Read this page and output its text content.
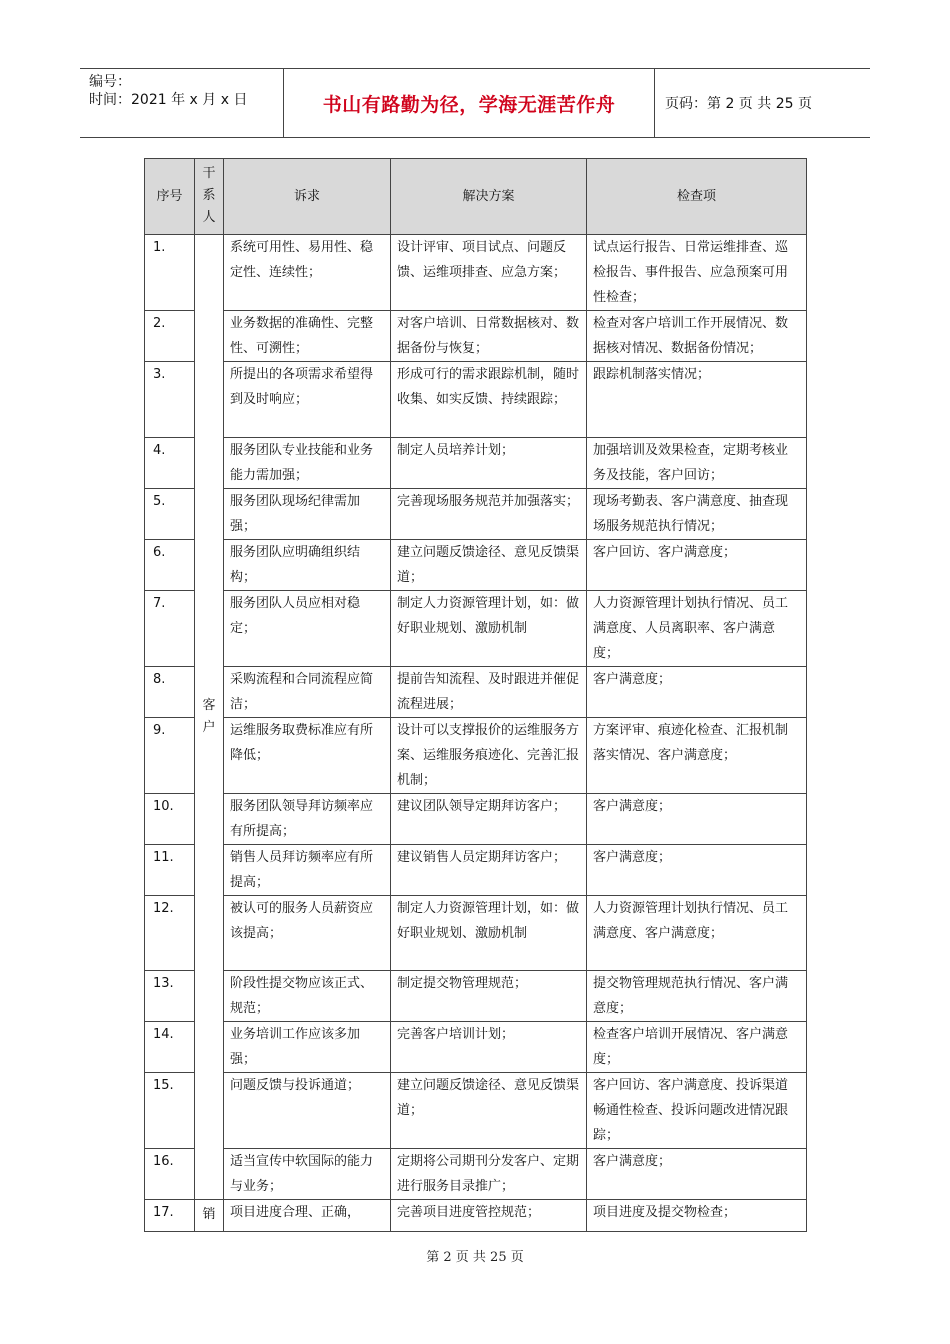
编号：
时间：2021 年 x 月 x 日	书山有路勤为径，学海无涯苦作舟	页码：第 2 页 共 25 页
序号	干系人	诉求	解决方案	检查项
1.	客户	系统可用性、易用性、稳定性、连续性；	设计评审、项目试点、问题反馈、运维项排查、应急方案；	试点运行报告、日常运维排查、巡检报告、事件报告、应急预案可用性检查；
2.		业务数据的准确性、完整性、可溯性；	对客户培训、日常数据核对、数据备份与恢复；	检查对客户培训工作开展情况、数据核对情况、数据备份情况；
3.		所提出的各项需求希望得到及时响应；	形成可行的需求跟踪机制，随时收集、如实反馈、持续跟踪；	跟踪机制落实情况；
4.		服务团队专业技能和业务能力需加强；	制定人员培养计划；	加强培训及效果检查，定期考核业务及技能，客户回访；
5.		服务团队现场纪律需加强；	完善现场服务规范并加强落实；	现场考勤表、客户满意度、抽查现场服务规范执行情况；
6.		服务团队应明确组织结构；	建立问题反馈途径、意见反馈渠道；	客户回访、客户满意度；
7.		服务团队人员应相对稳定；	制定人力资源管理计划，如：做好职业规划、激励机制	人力资源管理计划执行情况、员工满意度、人员离职率、客户满意度；
8.		采购流程和合同流程应简洁；	提前告知流程、及时跟进并催促流程进展；	客户满意度；
9.		运维服务取费标准应有所降低；	设计可以支撑报价的运维服务方案、运维服务痕迹化、完善汇报机制；	方案评审、痕迹化检查、汇报机制落实情况、客户满意度；
10.		服务团队领导拜访频率应有所提高；	建议团队领导定期拜访客户；	客户满意度；
11.		销售人员拜访频率应有所提高；	建议销售人员定期拜访客户；	客户满意度；
12.		被认可的服务人员薪资应该提高；	制定人力资源管理计划，如：做好职业规划、激励机制	人力资源管理计划执行情况、员工满意度、客户满意度；
13.		阶段性提交物应该正式、规范；	制定提交物管理规范；	提交物管理规范执行情况、客户满意度；
14.		业务培训工作应该多加强；	完善客户培训计划；	检查客户培训开展情况、客户满意度；
15.		问题反馈与投诉通道；	建立问题反馈途径、意见反馈渠道；	客户回访、客户满意度、投诉渠道畅通性检查、投诉问题改进情况跟踪；
16.		适当宣传中软国际的能力与业务；	定期将公司期刊分发客户、定期进行服务目录推广；	客户满意度；
17.	销	项目进度合理、正确，	完善项目进度管控规范；	项目进度及提交物检查；
第 2 页 共 25 页
